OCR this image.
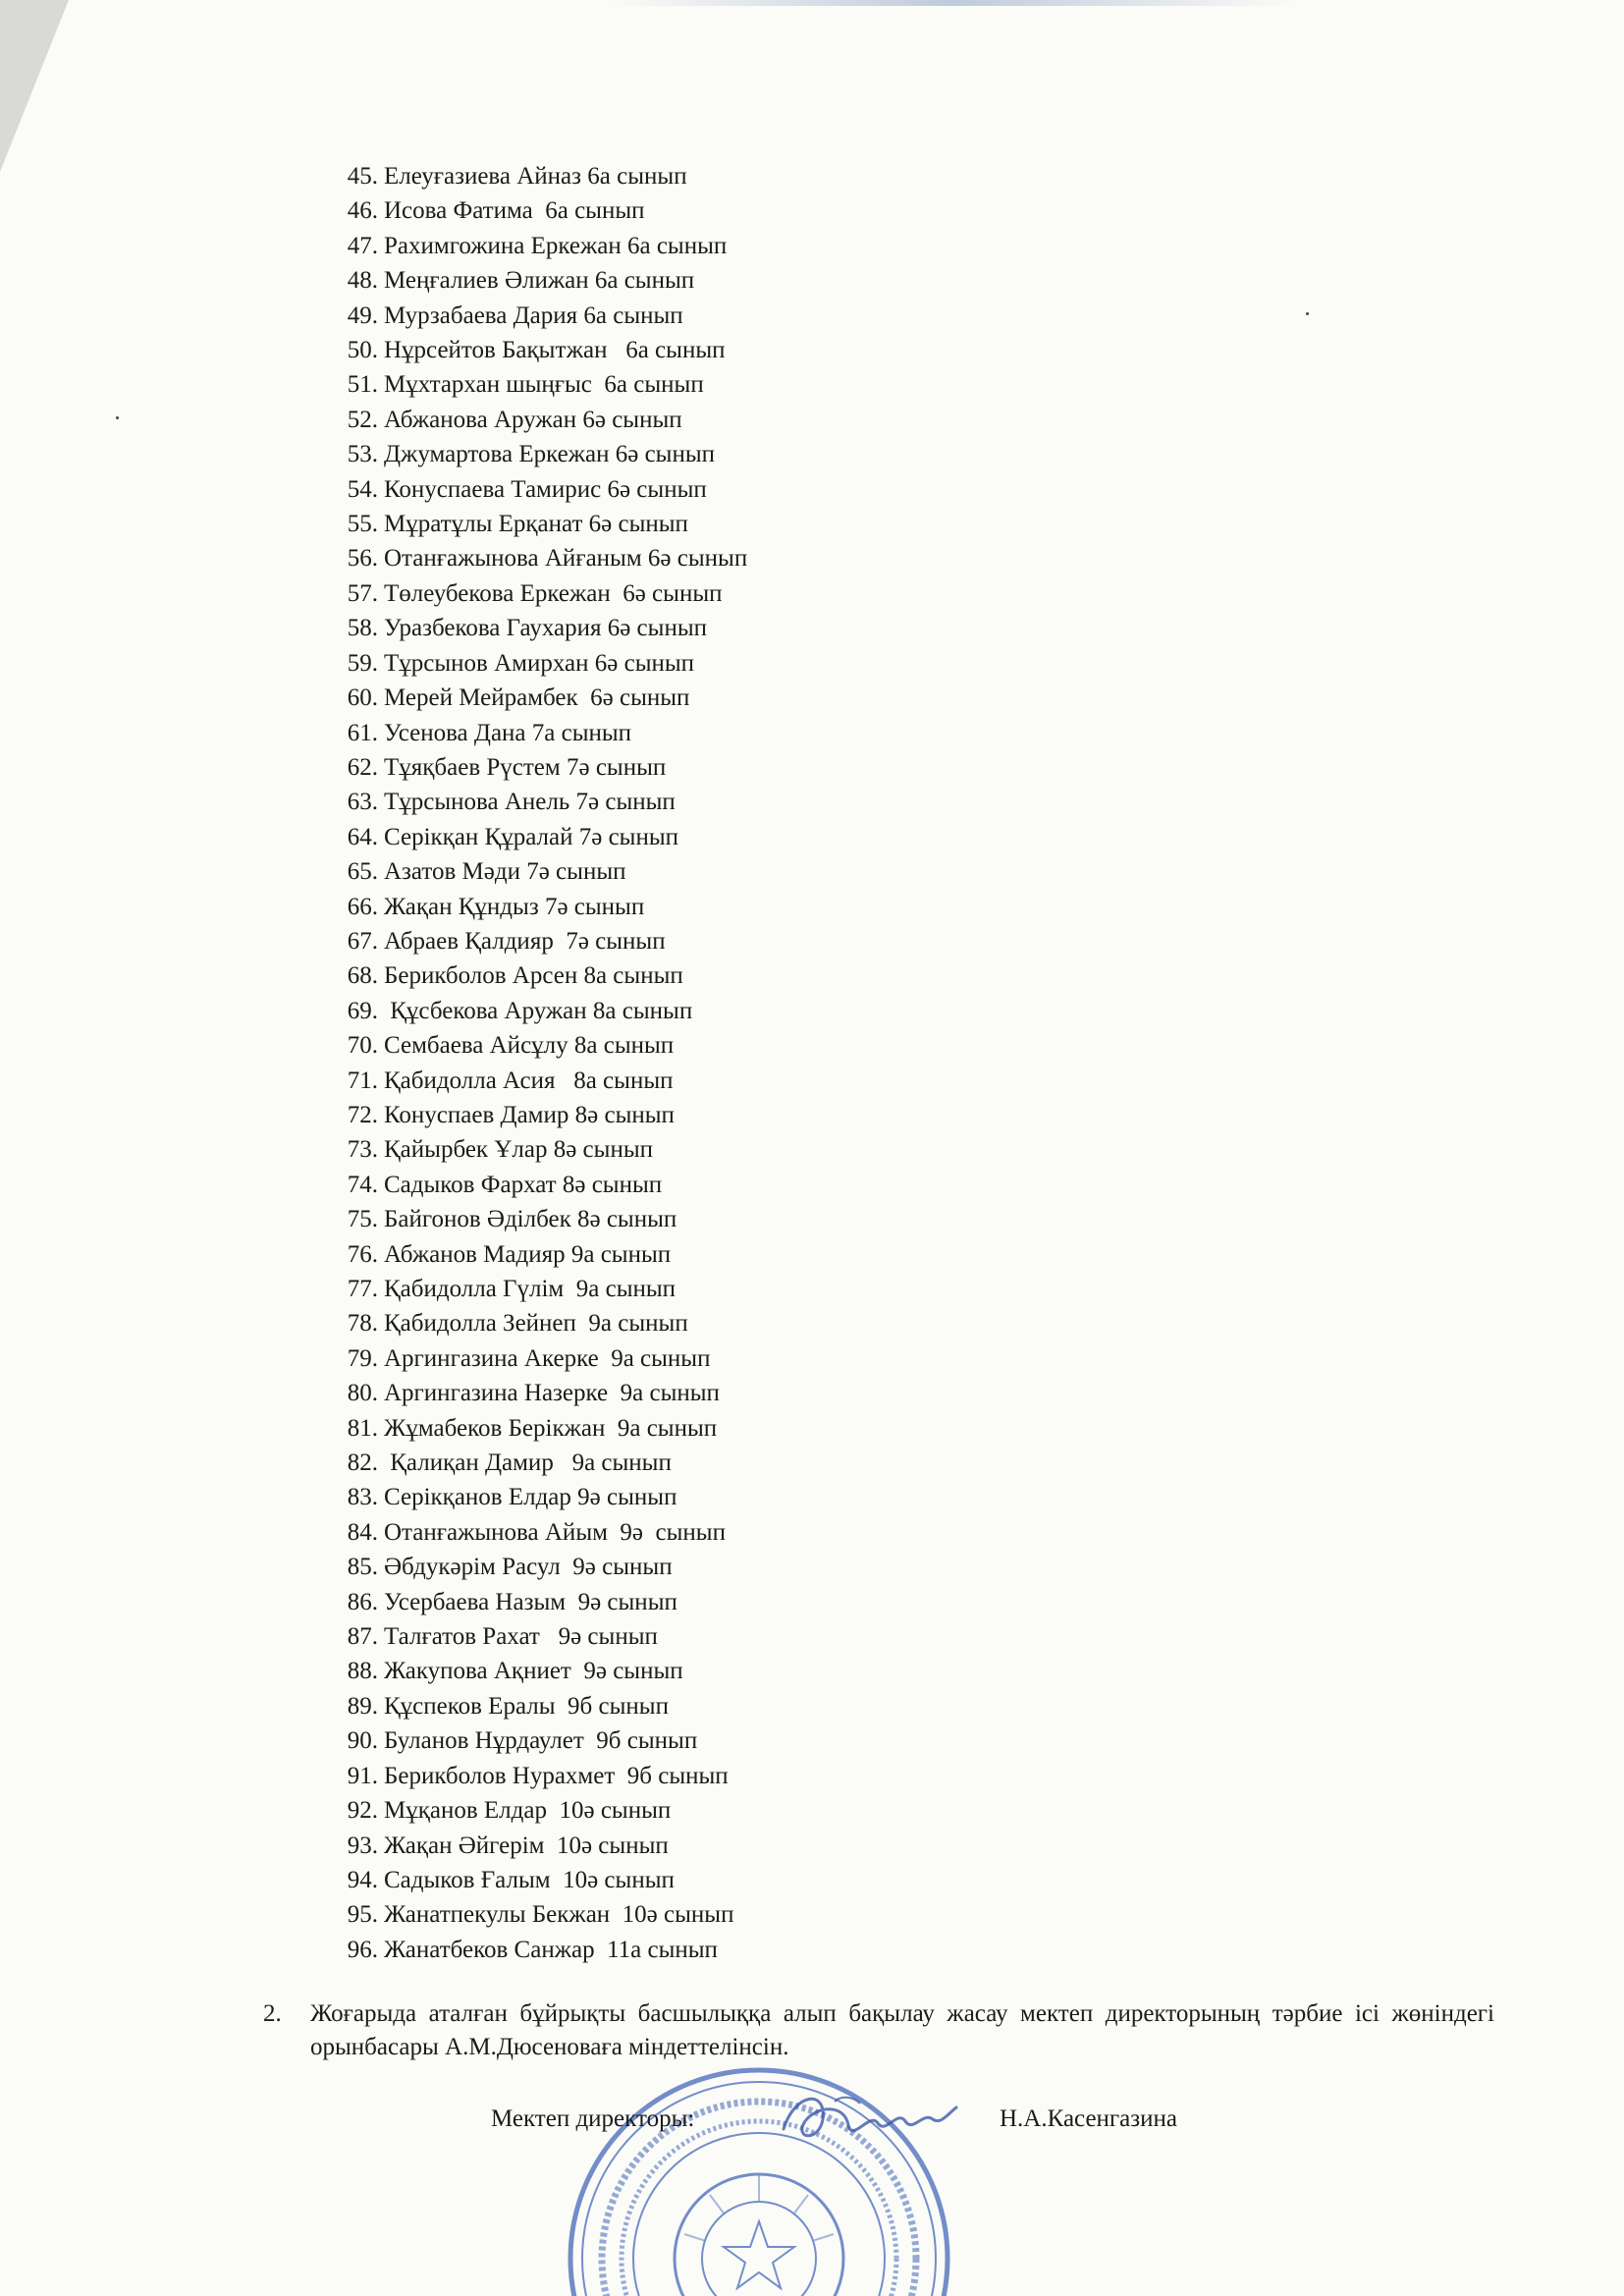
45. Елеуғазиева Айназ 6а сынып
46. Исова Фатима  6а сынып
47. Рахимгожина Еркежан 6а сынып
48. Меңғалиев Әлижан 6а сынып
49. Мурзабаева Дария 6а сынып
50. Нұрсейтов Бақытжан   6а сынып
51. Мұхтархан шыңғыс  6а сынып
52. Абжанова Аружан 6ә сынып
53. Джумартова Еркежан 6ә сынып
54. Конуспаева Тамирис 6ә сынып
55. Мұратұлы Ерқанат 6ә сынып
56. Отанғажынова Айғаным 6ә сынып
57. Төлеубекова Еркежан  6ә сынып
58. Уразбекова Гаухария 6ә сынып
59. Тұрсынов Амирхан 6ә сынып
60. Мерей Мейрамбек  6ә сынып
61. Усенова Дана 7а сынып
62. Тұяқбаев Рүстем 7ә сынып
63. Тұрсынова Анель 7ә сынып
64. Серікқан Құралай 7ә сынып
65. Азатов Мәди 7ә сынып
66. Жақан Құндыз 7ә сынып
67. Абраев Қалдияр  7ә сынып
68. Берикболов Арсен 8а сынып
69. Құсбекова Аружан 8а сынып
70. Сембаева Айсұлу 8а сынып
71. Қабидолла Асия   8а сынып
72. Конуспаев Дамир 8ә сынып
73. Қайырбек Ұлар 8ә сынып
74. Садыков Фархат 8ә сынып
75. Байгонов Әділбек 8ә сынып
76. Абжанов Мадияр 9а сынып
77. Қабидолла Гүлім  9а сынып
78. Қабидолла Зейнеп  9а сынып
79. Аргингазина Акерке  9а сынып
80. Аргингазина Назерке  9а сынып
81. Жұмабеков Берікжан  9а сынып
82. Қалиқан Дамир   9а сынып
83. Серікқанов Елдар 9ә сынып
84. Отанғажынова Айым  9ә  сынып
85. Әбдукәрім Расул  9ә сынып
86. Усербаева Назым  9ә сынып
87. Талғатов Рахат   9ә сынып
88. Жакупова Ақниет  9ә сынып
89. Құспеков Ералы  9б сынып
90. Буланов Нұрдаулет  9б сынып
91. Берикболов Нурахмет  9б сынып
92. Мұқанов Елдар  10ә сынып
93. Жақан Әйгерім  10ә сынып
94. Садыков Ғалым  10ә сынып
95. Жанатпекулы Бекжан  10ә сынып
96. Жанатбеков Санжар  11а сынып
2. Жоғарыда аталған бұйрықты басшылыққа алып бақылау жасау мектеп директорының тәрбие ісі жөніндегі орынбасары А.М.Дюсеноваға міндеттелінсін.
Мектеп директоры:	Н.А.Касенгазина
